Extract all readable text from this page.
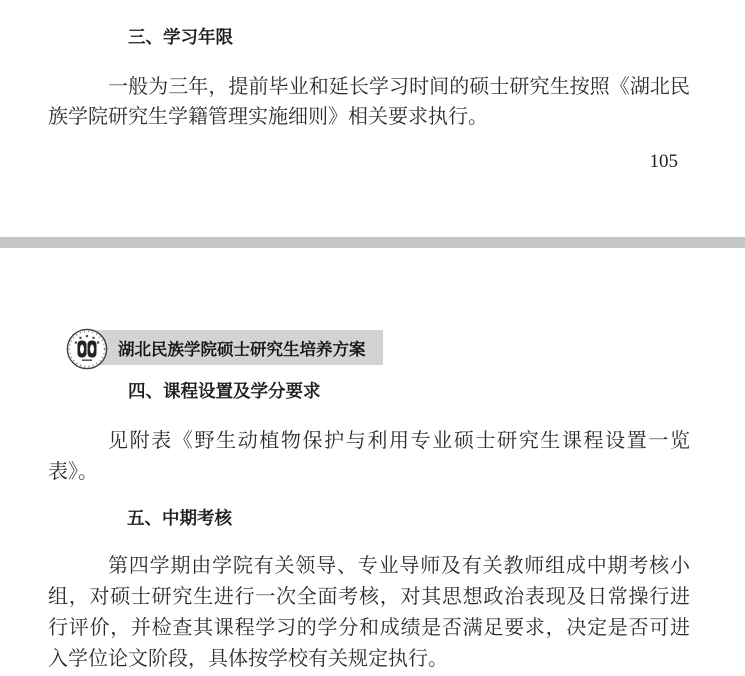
三、学习年限
一般为三年，提前毕业和延长学习时间的硕士研究生按照《湖北民
族学院研究生学籍管理实施细则》相关要求执行。
105
湖北民族学院硕士研究生培养方案
四、课程设置及学分要求
见附表《野生动植物保护与利用专业硕士研究生课程设置一览
表》。
五、中期考核
第四学期由学院有关领导、专业导师及有关教师组成中期考核小
组，对硕士研究生进行一次全面考核，对其思想政治表现及日常操行进
行评价，并检查其课程学习的学分和成绩是否满足要求，决定是否可进
入学位论文阶段，具体按学校有关规定执行。
